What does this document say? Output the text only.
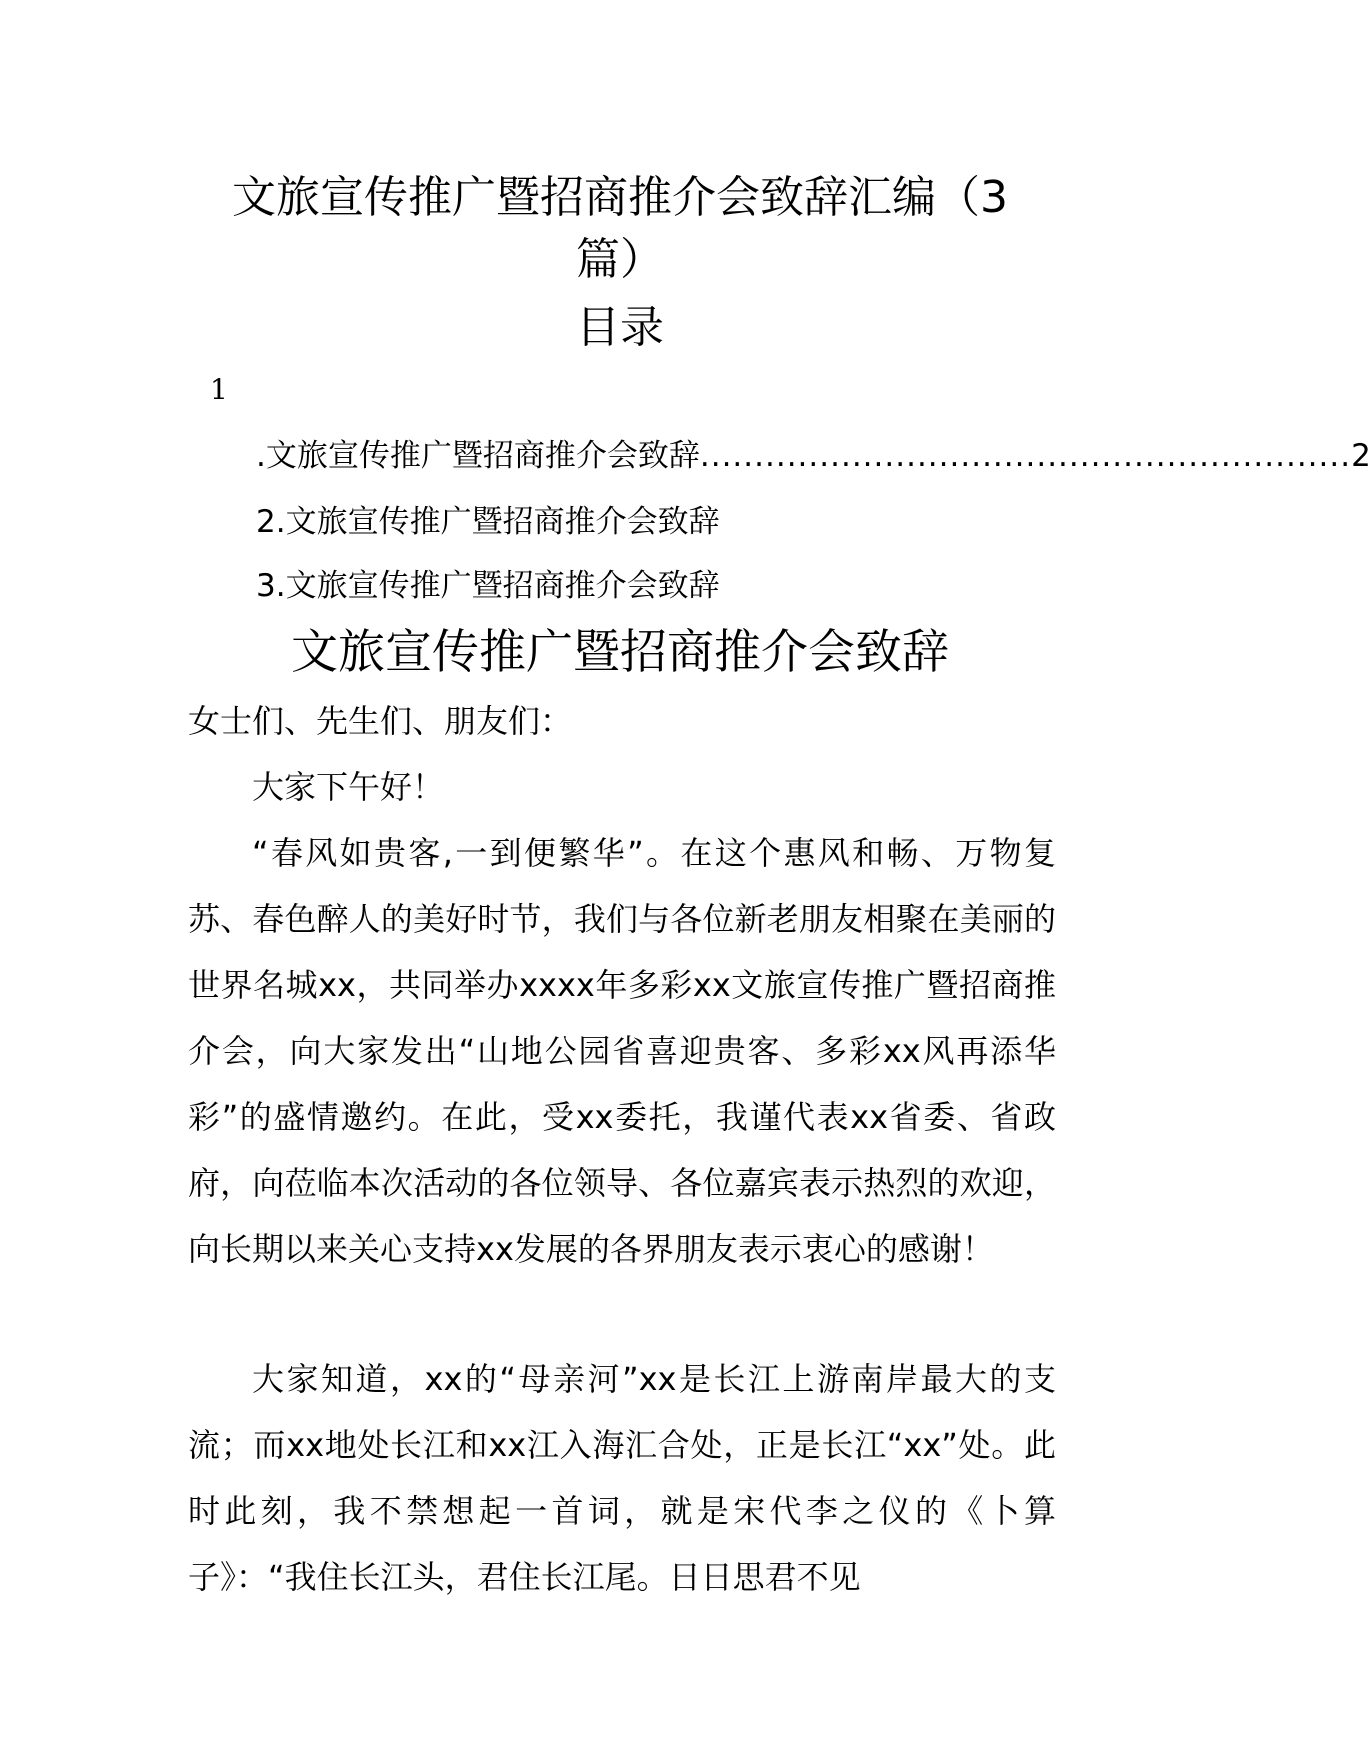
文旅宣传推广暨招商推介会致辞汇编（3
篇）
目录
1
.文旅宣传推广暨招商推介会致辞 ............................................................ 2
2.文旅宣传推广暨招商推介会致辞
3.文旅宣传推广暨招商推介会致辞
文旅宣传推广暨招商推介会致辞

女士们、先生们、朋友们：

大家下午好！

“春风如贵客,一到便繁华”。在这个惠风和畅、万物复苏、春色醉人的美好时节，我们与各位新老朋友相聚在美丽的世界名城xx，共同举办xxxx年多彩xx文旅宣传推广暨招商推介会，向大家发出“山地公园省喜迎贵客、多彩xx风再添华彩”的盛情邀约。在此，受xx委托，我谨代表xx省委、省政府，向莅临本次活动的各位领导、各位嘉宾表示热烈的欢迎，向长期以来关心支持xx发展的各界朋友表示衷心的感谢！

大家知道，xx的“母亲河”xx是长江上游南岸最大的支流；而xx地处长江和xx江入海汇合处，正是长江“xx”处。此时此刻，我不禁想起一首词，就是宋代李之仪的《卜算子》：“我住长江头，君住长江尾。日日思君不见
